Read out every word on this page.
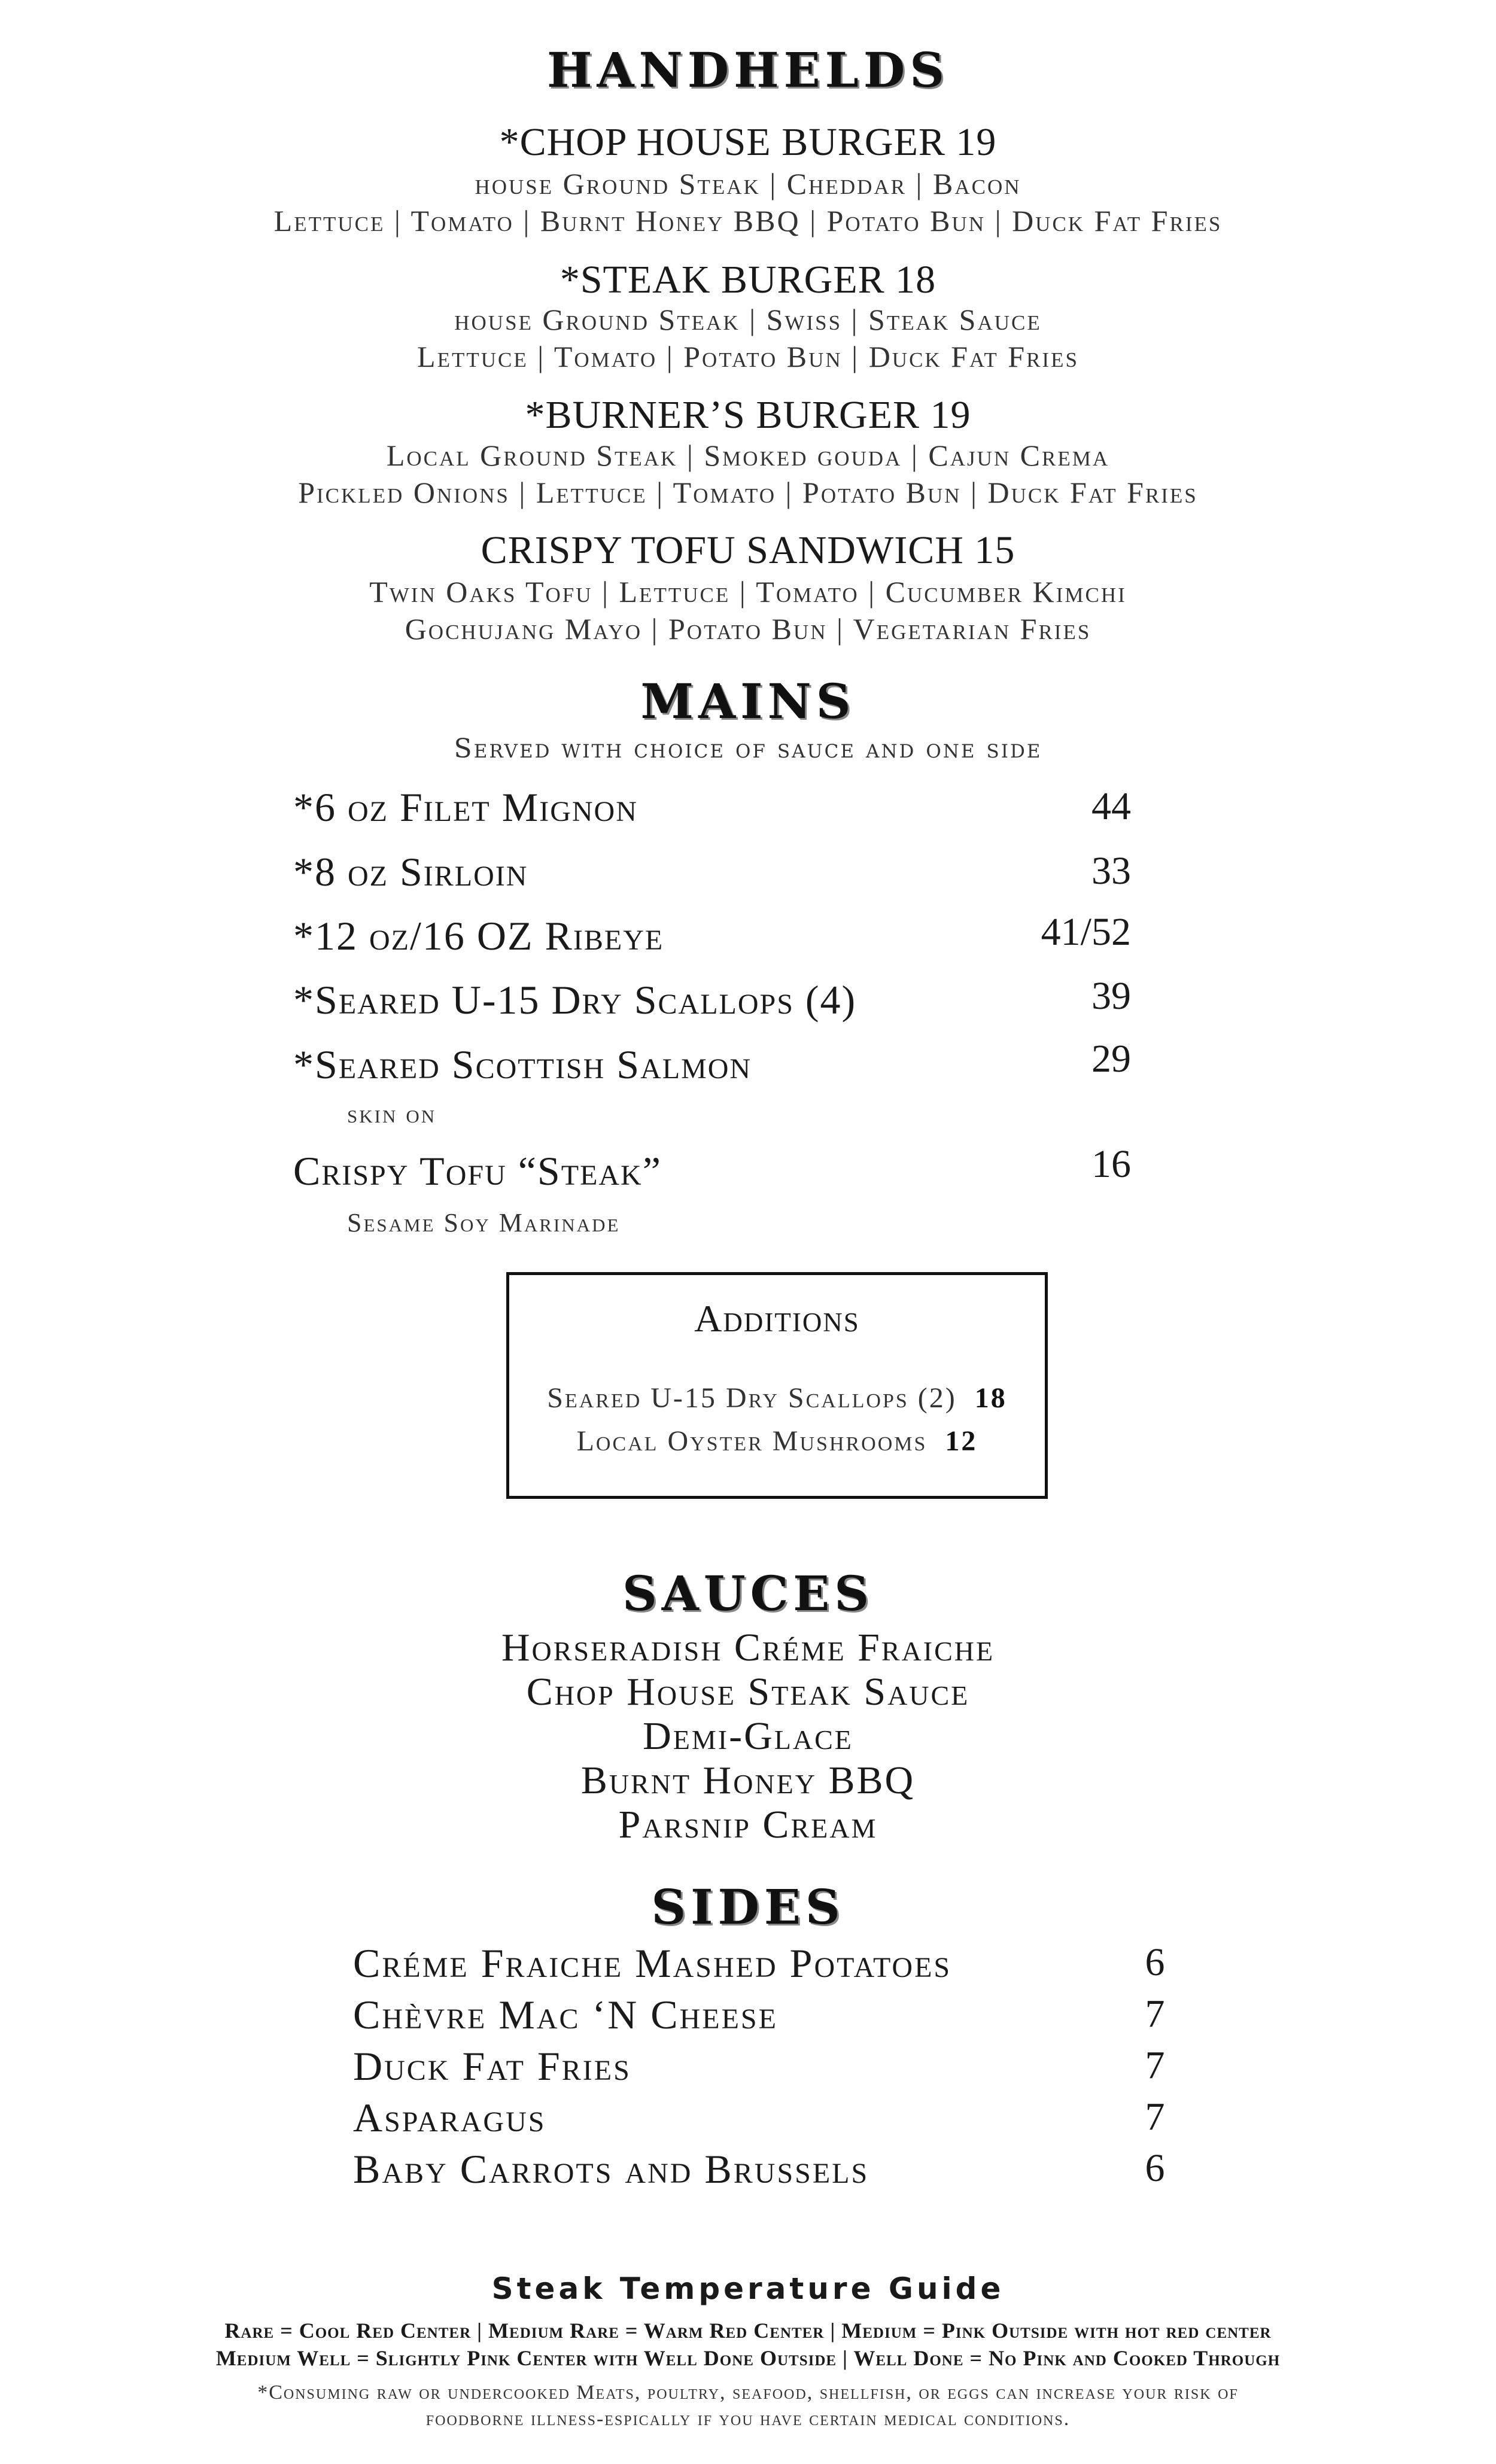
HANDHELDS
*CHOP HOUSE BURGER 19
house Ground Steak | Cheddar | Bacon
Lettuce | Tomato | Burnt Honey BBQ | Potato Bun | Duck Fat Fries
*STEAK BURGER 18
house Ground Steak | Swiss | Steak Sauce
Lettuce | Tomato | Potato Bun | Duck Fat Fries
*BURNER’S BURGER 19
Local Ground Steak | Smoked gouda | Cajun Crema
Pickled Onions | Lettuce | Tomato | Potato Bun | Duck Fat Fries
CRISPY TOFU SANDWICH 15
Twin Oaks Tofu | Lettuce | Tomato | Cucumber Kimchi
Gochujang Mayo | Potato Bun | Vegetarian Fries
MAINS
Served with choice of sauce and one side
*6 oz Filet Mignon	44
*8 oz Sirloin	33
*12 oz/16 OZ Ribeye	41/52
*Seared U-15 Dry Scallops (4)	39
*Seared Scottish Salmon	29
skin on
Crispy Tofu “Steak”	16
Sesame Soy Marinade
Additions
Seared U-15 Dry Scallops (2) 18
Local Oyster Mushrooms 12
SAUCES
Horseradish Créme Fraiche
Chop House Steak Sauce
Demi-Glace
Burnt Honey BBQ
Parsnip Cream
SIDES
Créme Fraiche Mashed Potatoes	6
Chèvre Mac ‘N Cheese	7
Duck Fat Fries	7
Asparagus	7
Baby Carrots and Brussels	6
Steak Temperature Guide
Rare = Cool Red Center | Medium Rare = Warm Red Center | Medium = Pink Outside with hot red center
Medium Well = Slightly Pink Center with Well Done Outside | Well Done = No Pink and Cooked Through
*Consuming raw or undercooked Meats, poultry, seafood, shellfish, or eggs can increase your risk of
foodborne illness-espically if you have certain medical conditions.
